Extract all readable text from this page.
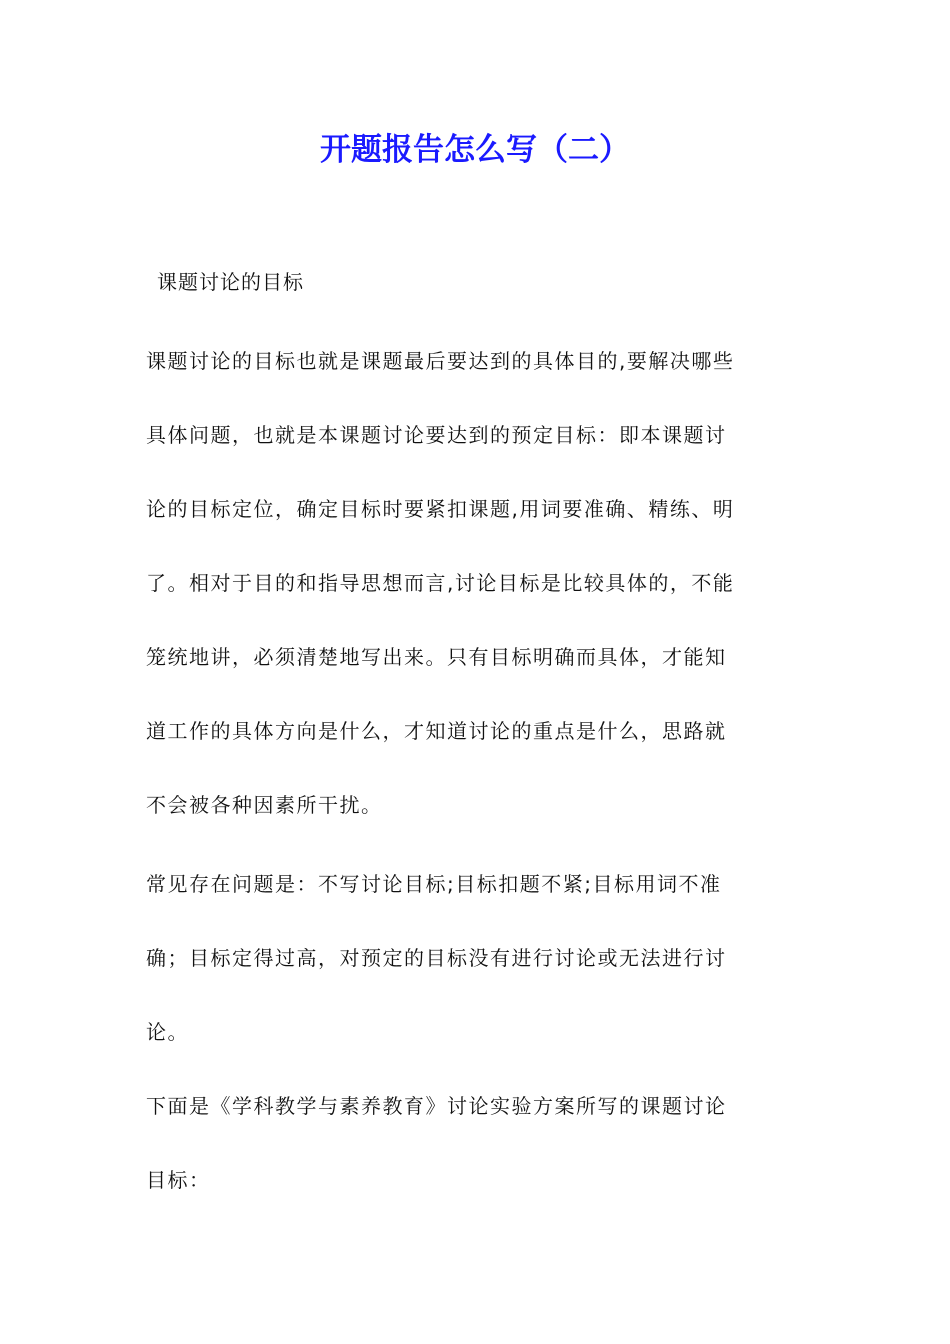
开题报告怎么写（二）
课题讨论的目标
课题讨论的目标也就是课题最后要达到的具体目的,要解决哪些
具体问题，也就是本课题讨论要达到的预定目标：即本课题讨
论的目标定位，确定目标时要紧扣课题,用词要准确、精练、明
了。相对于目的和指导思想而言,讨论目标是比较具体的，不能
笼统地讲，必须清楚地写出来。只有目标明确而具体，才能知
道工作的具体方向是什么，才知道讨论的重点是什么，思路就
不会被各种因素所干扰。
常见存在问题是：不写讨论目标;目标扣题不紧;目标用词不准
确；目标定得过高，对预定的目标没有进行讨论或无法进行讨
论。
下面是《学科教学与素养教育》讨论实验方案所写的课题讨论
目标：
